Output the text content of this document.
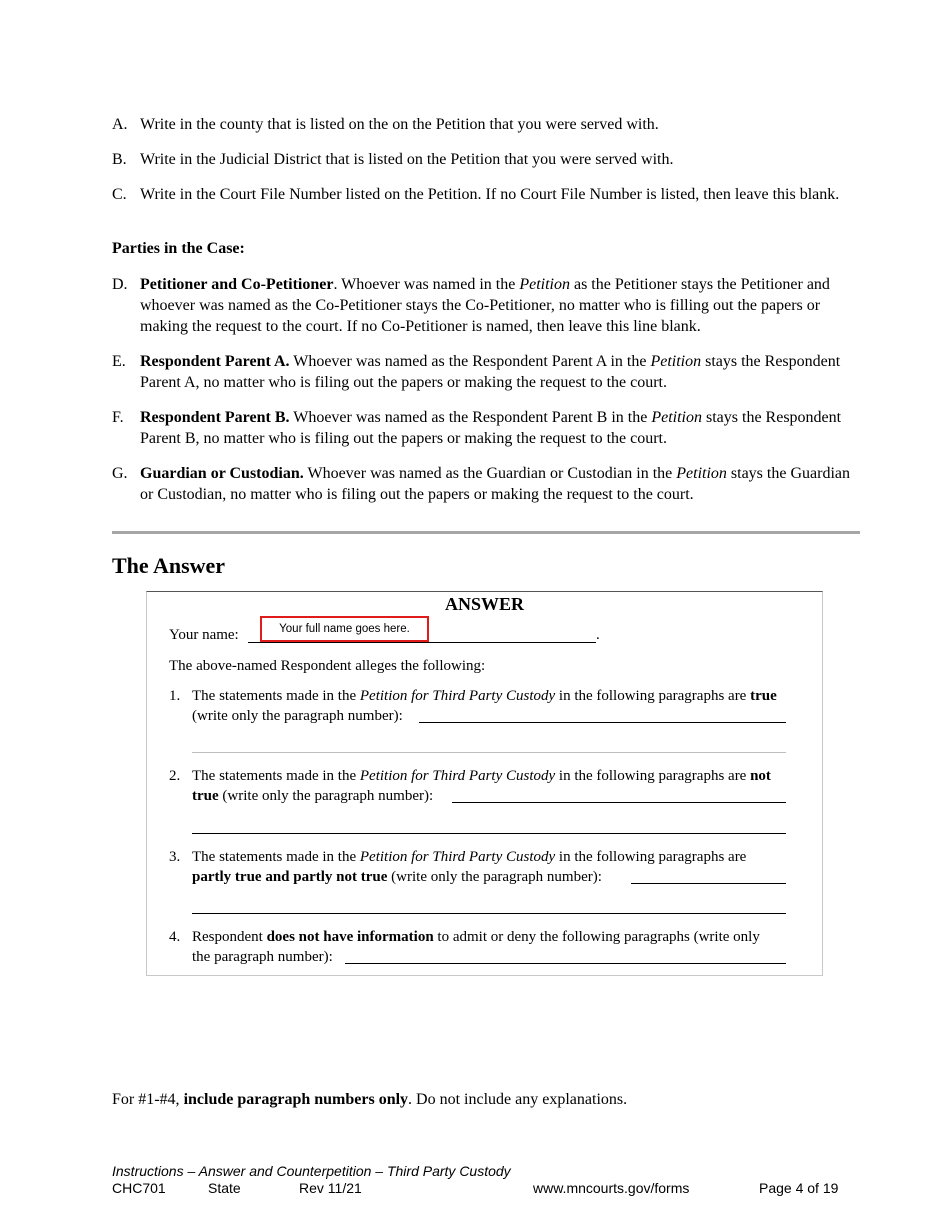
A. Write in the county that is listed on the on the Petition that you were served with.
B. Write in the Judicial District that is listed on the Petition that you were served with.
C. Write in the Court File Number listed on the Petition. If no Court File Number is listed, then leave this blank.
Parties in the Case:
D. Petitioner and Co-Petitioner. Whoever was named in the Petition as the Petitioner stays the Petitioner and whoever was named as the Co-Petitioner stays the Co-Petitioner, no matter who is filling out the papers or making the request to the court. If no Co-Petitioner is named, then leave this line blank.
E. Respondent Parent A. Whoever was named as the Respondent Parent A in the Petition stays the Respondent Parent A, no matter who is filing out the papers or making the request to the court.
F. Respondent Parent B. Whoever was named as the Respondent Parent B in the Petition stays the Respondent Parent B, no matter who is filing out the papers or making the request to the court.
G. Guardian or Custodian. Whoever was named as the Guardian or Custodian in the Petition stays the Guardian or Custodian, no matter who is filing out the papers or making the request to the court.
The Answer
ANSWER
Your name:	.
Your full name goes here.
The above-named Respondent alleges the following:
1. The statements made in the Petition for Third Party Custody in the following paragraphs are true
(write only the paragraph number):
2. The statements made in the Petition for Third Party Custody in the following paragraphs are not
true (write only the paragraph number):
3. The statements made in the Petition for Third Party Custody in the following paragraphs are
partly true and partly not true (write only the paragraph number):
4. Respondent does not have information to admit or deny the following paragraphs (write only
the paragraph number):
For #1-#4, include paragraph numbers only. Do not include any explanations.
Instructions – Answer and Counterpetition – Third Party Custody
CHC701	State	Rev 11/21	www.mncourts.gov/forms	Page 4 of 19
